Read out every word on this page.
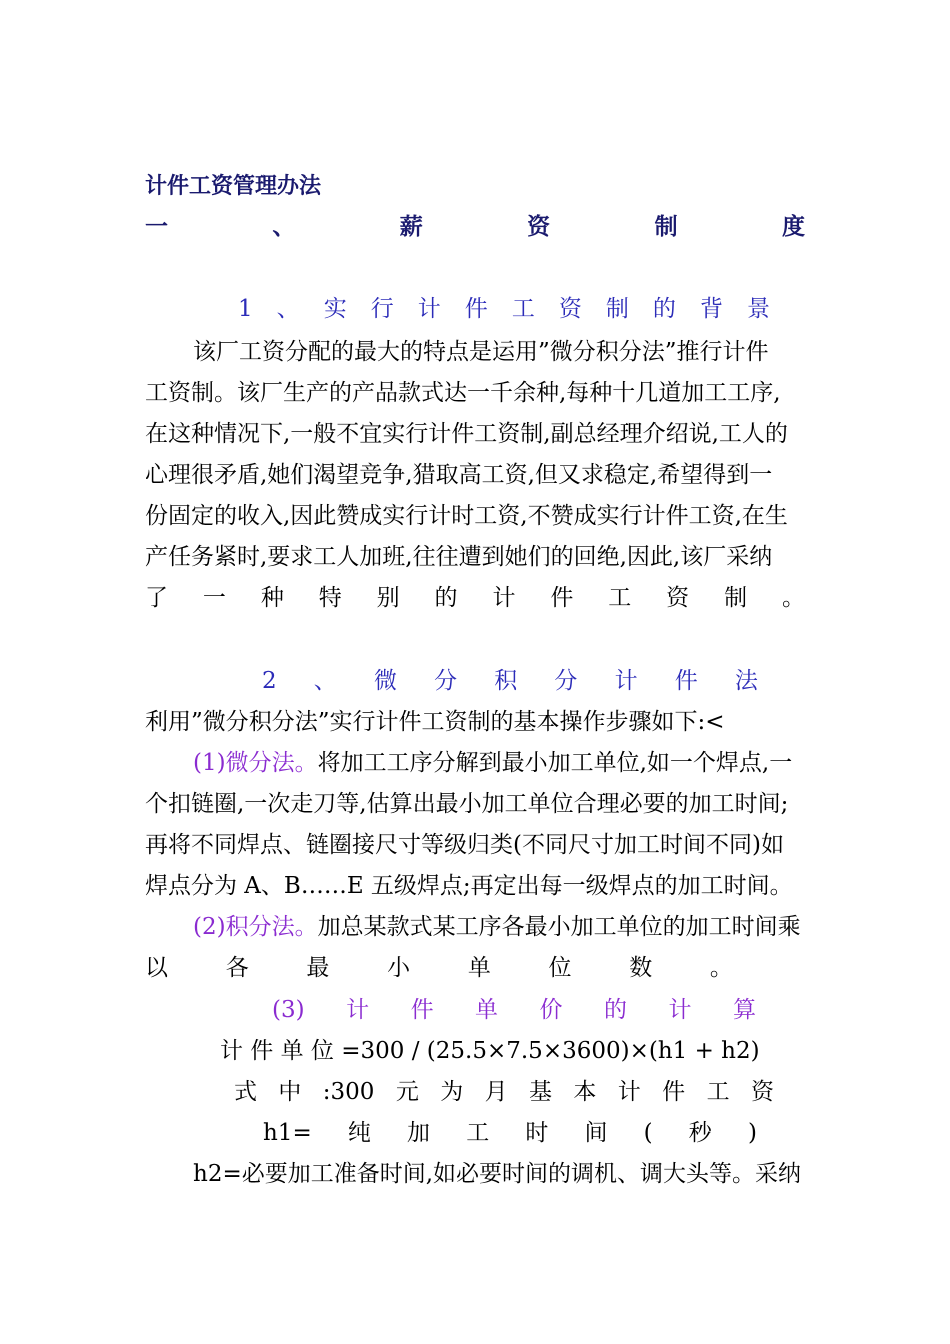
计件工资管理办法
一	、	薪	资	制	度
1 、 实 行 计 件 工 资 制 的 背 景
该厂工资分配的最大的特点是运用”微分积分法”推行计件
工资制。该厂生产的产品款式达一千余种,每种十几道加工工序,
在这种情况下,一般不宜实行计件工资制,副总经理介绍说,工人的
心理很矛盾,她们渴望竞争,猎取高工资,但又求稳定,希望得到一
份固定的收入,因此赞成实行计时工资,不赞成实行计件工资,在生
产任务紧时,要求工人加班,往往遭到她们的回绝,因此,该厂采纳
了 一 种 特 别 的 计 件 工 资 制 。
2 、 微 分 积 分 计 件 法
利用”微分积分法”实行计件工资制的基本操作步骤如下:<
(1)微分法。将加工工序分解到最小加工单位,如一个焊点,一
个扣链圈,一次走刀等,估算出最小加工单位合理必要的加工时间;
再将不同焊点、链圈接尺寸等级归类(不同尺寸加工时间不同)如
焊点分为 A、B……E 五级焊点;再定出每一级焊点的加工时间。
(2)积分法。加总某款式某工序各最小加工单位的加工时间乘
以	各	最	小	单	位	数	。
(3) 计 件 单 价 的 计 算
计 件 单 位 =300 / (25.5×7.5×3600)×(h1 + h2)
式 中 :300 元 为 月 基 本 计 件 工 资
h1= 纯 加 工 时 间 ( 秒 )
h2=必要加工准备时间,如必要时间的调机、调大头等。采纳
